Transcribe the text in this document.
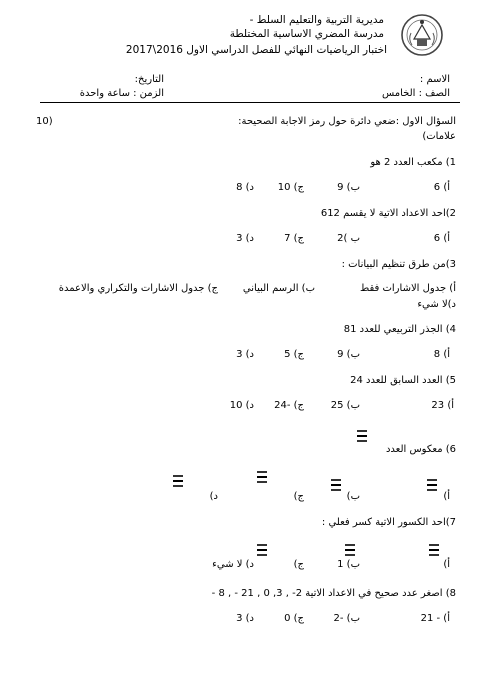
مديرية التربية والتعليم السلط -
مدرسة المضري الاساسية المختلطة
اختبار الرياضيات النهائي للفصل الدراسي الاول 2016\2017
الاسم :
التاريخ:
الصف : الخامس
الزمن : ساعة واحدة
السؤال الاول :ضعي دائرة حول رمز الاجابة الصحيحة:
(10
علامات)
1) مكعب العدد 2 هو
أ) 6
ب) 9
ج) 10
د) 8
2)احد الاعداد الاتية لا يقسم 612
أ) 6
ب )2
ج) 7
د) 3
3)من طرق تنظيم البيانات :
أ) جدول الاشارات فقط
ب) الرسم البياني
ج) جدول الاشارات والتكراري والاعمدة
د)لا شيء
4) الجذر التربيعي للعدد 81
أ) 8
ب) 9
ج) 5
د) 3
5) العدد السابق للعدد 24
أ) 23
ب) 25
ج) -24
د) 10
6) معكوس العدد
أ)
ب)
ج)
د)
7)احد الكسور الاتية كسر فعلي :
أ)
ب) 1
ج)
د) لا شيء
8) اصغر عدد صحيح في الاعداد الاتية 2- , 3, 0 , 21 - , 8 -
أ) - 21
ب) -2
ج) 0
د) 3
